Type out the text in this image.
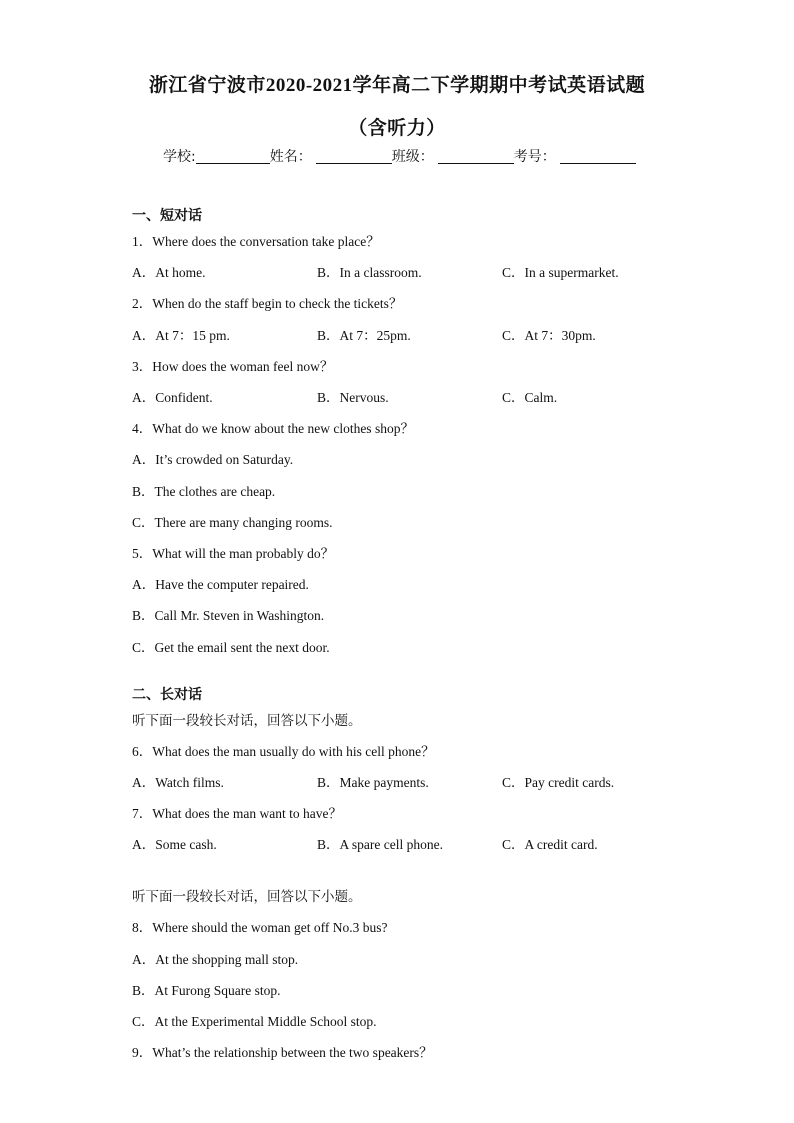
浙江省宁波市2020-2021学年高二下学期期中考试英语试题
（含听力）
学校:	姓名：	班级：	考号：
一、短对话
1．Where does the conversation take place？
A．At home.	B．In a classroom.	C．In a supermarket.
2．When do the staff begin to check the tickets？
A．At 7：15 pm.	B．At 7：25pm.	C．At 7：30pm.
3．How does the woman feel now？
A．Confident.	B．Nervous.	C．Calm.
4．What do we know about the new clothes shop？
A．It’s crowded on Saturday.
B．The clothes are cheap.
C．There are many changing rooms.
5．What will the man probably do？
A．Have the computer repaired.
B．Call Mr. Steven in Washington.
C．Get the email sent the next door.
二、长对话
听下面一段较长对话，回答以下小题。
6．What does the man usually do with his cell phone？
A．Watch films.	B．Make payments.	C．Pay credit cards.
7．What does the man want to have？
A．Some cash.	B．A spare cell phone.	C．A credit card.
听下面一段较长对话，回答以下小题。
8．Where should the woman get off No.3 bus?
A．At the shopping mall stop.
B．At Furong Square stop.
C．At the Experimental Middle School stop.
9．What’s the relationship between the two speakers？
